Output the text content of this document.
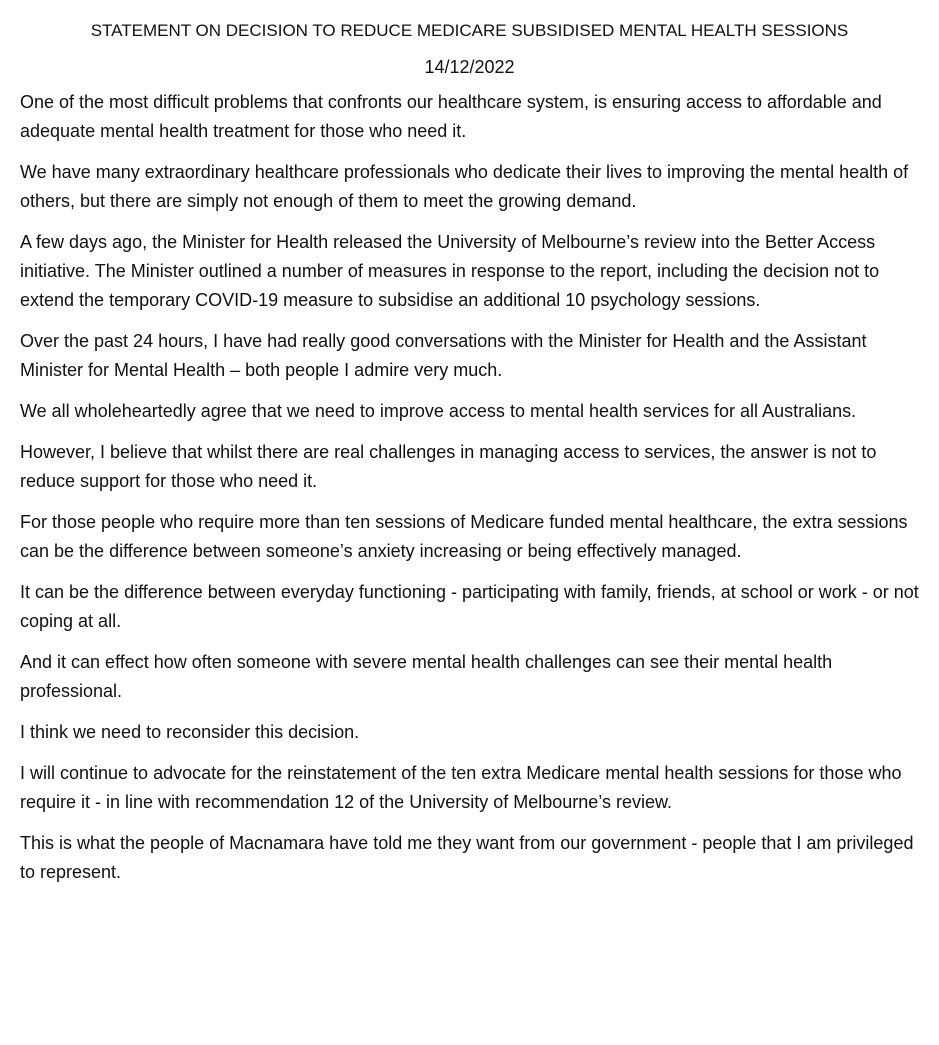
STATEMENT ON DECISION TO REDUCE MEDICARE SUBSIDISED MENTAL HEALTH SESSIONS
14/12/2022

One of the most difficult problems that confronts our healthcare system, is ensuring access to affordable and adequate mental health treatment for those who need it.

We have many extraordinary healthcare professionals who dedicate their lives to improving the mental health of others, but there are simply not enough of them to meet the growing demand.

A few days ago, the Minister for Health released the University of Melbourne’s review into the Better Access initiative. The Minister outlined a number of measures in response to the report, including the decision not to extend the temporary COVID-19 measure to subsidise an additional 10 psychology sessions.

Over the past 24 hours, I have had really good conversations with the Minister for Health and the Assistant Minister for Mental Health – both people I admire very much.

We all wholeheartedly agree that we need to improve access to mental health services for all Australians.

However, I believe that whilst there are real challenges in managing access to services, the answer is not to reduce support for those who need it.

For those people who require more than ten sessions of Medicare funded mental healthcare, the extra sessions can be the difference between someone’s anxiety increasing or being effectively managed.

It can be the difference between everyday functioning - participating with family, friends, at school or work - or not coping at all.

And it can effect how often someone with severe mental health challenges can see their mental health professional.

I think we need to reconsider this decision.

I will continue to advocate for the reinstatement of the ten extra Medicare mental health sessions for those who require it - in line with recommendation 12 of the University of Melbourne’s review.

This is what the people of Macnamara have told me they want from our government - people that I am privileged to represent.
